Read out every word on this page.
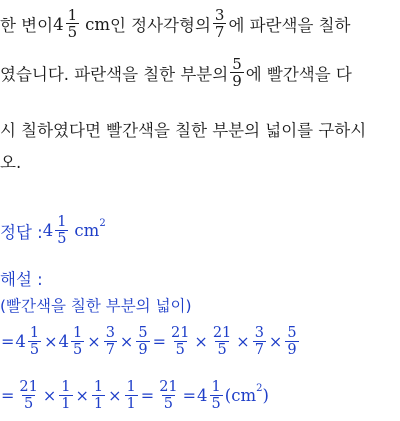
한 변이 $4 \frac{1}{5}$ cm 인 정사각형의 $\frac{3}{7}$ 에 파란색을 칠하
였습니다. 파란색을 칠한 부분의 $\frac{5}{9}$ 에 빨간색을 다
시 칠하였다면 빨간색을 칠한 부분의 넓이를 구하시
오.
정답 : $4 \frac{1}{5}$ cm 2
해설 :
(빨간색을 칠한 부분의 넓이)
= $4 \frac{1}{5} \times 4 \frac{1}{5} \times \frac{3}{7} \times \frac{5}{9} = \frac{21}{5} \times \frac{21}{5} \times \frac{3}{7} \times \frac{5}{9}$
= $\frac{21}{5} \times \frac{1}{1} \times \frac{1}{1} \times \frac{1}{1} = \frac{21}{5} = 4 \frac{1}{5} (cm$ 2 )
